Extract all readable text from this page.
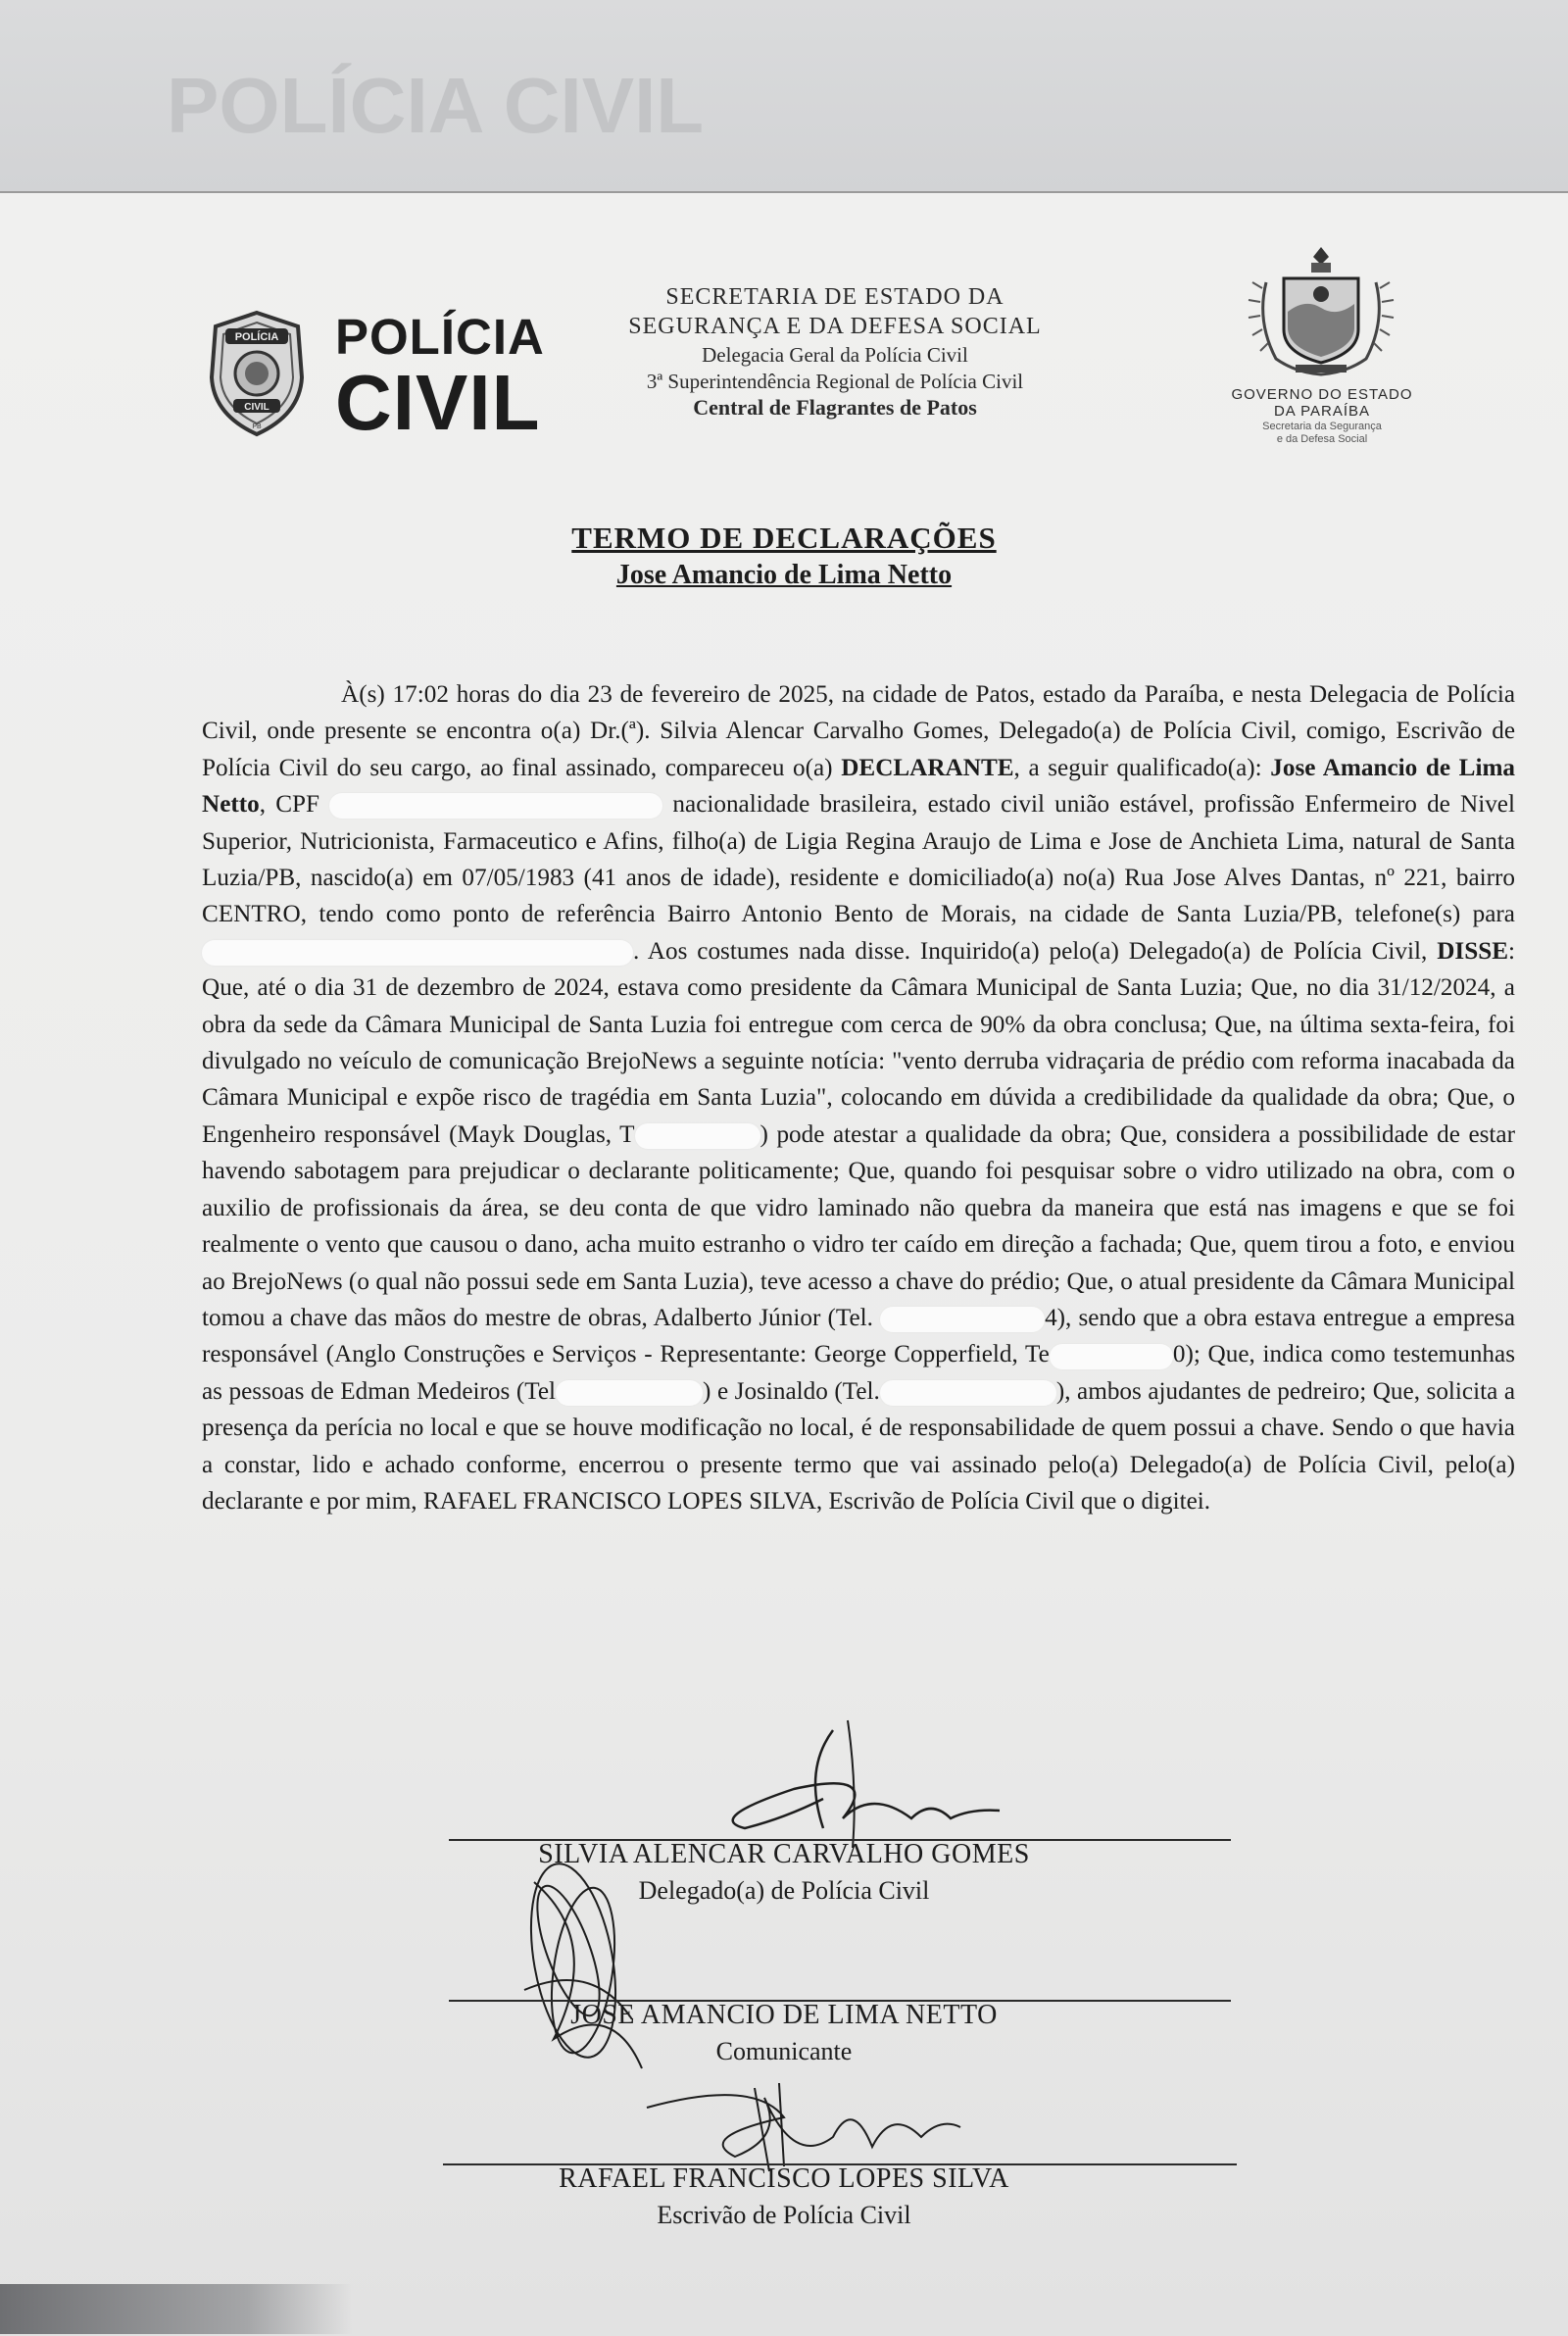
POLÍCIA CIVIL
POLÍCIA
CIVIL
PB
POLÍCIA
CIVIL
SECRETARIA DE ESTADO DA
SEGURANÇA E DA DEFESA SOCIAL
Delegacia Geral da Polícia Civil
3ª Superintendência Regional de Polícia Civil
Central de Flagrantes de Patos
GOVERNO DO ESTADO
DA PARAÍBA
Secretaria da Segurança
e da Defesa Social
TERMO DE DECLARAÇÕES
Jose Amancio de Lima Netto

À(s) 17:02 horas do dia 23 de fevereiro de 2025, na cidade de Patos, estado da Paraíba, e nesta Delegacia de Polícia Civil, onde presente se encontra o(a) Dr.(ª). Silvia Alencar Carvalho Gomes, Delegado(a) de Polícia Civil, comigo, Escrivão de Polícia Civil do seu cargo, ao final assinado, compareceu o(a) DECLARANTE, a seguir qualificado(a): Jose Amancio de Lima Netto, CPF	nacionalidade brasileira, estado civil união estável, profissão Enfermeiro de Nivel Superior, Nutricionista, Farmaceutico e Afins, filho(a) de Ligia Regina Araujo de Lima e Jose de Anchieta Lima, natural de Santa Luzia/PB, nascido(a) em 07/05/1983 (41 anos de idade), residente e domiciliado(a) no(a) Rua Jose Alves Dantas, nº 221, bairro CENTRO, tendo como ponto de referência Bairro Antonio Bento de Morais, na cidade de Santa Luzia/PB, telefone(s) para . Aos costumes nada disse. Inquirido(a) pelo(a) Delegado(a) de Polícia Civil, DISSE: Que, até o dia 31 de dezembro de 2024, estava como presidente da Câmara Municipal de Santa Luzia; Que, no dia 31/12/2024, a obra da sede da Câmara Municipal de Santa Luzia foi entregue com cerca de 90% da obra conclusa; Que, na última sexta-feira, foi divulgado no veículo de comunicação BrejoNews a seguinte notícia: "vento derruba vidraçaria de prédio com reforma inacabada da Câmara Municipal e expõe risco de tragédia em Santa Luzia", colocando em dúvida a credibilidade da qualidade da obra; Que, o Engenheiro responsável (Mayk Douglas, T	) pode atestar a qualidade da obra; Que, considera a possibilidade de estar havendo sabotagem para prejudicar o declarante politicamente; Que, quando foi pesquisar sobre o vidro utilizado na obra, com o auxilio de profissionais da área, se deu conta de que vidro laminado não quebra da maneira que está nas imagens e que se foi realmente o vento que causou o dano, acha muito estranho o vidro ter caído em direção a fachada; Que, quem tirou a foto, e enviou ao BrejoNews (o qual não possui sede em Santa Luzia), teve acesso a chave do prédio; Que, o atual presidente da Câmara Municipal tomou a chave das mãos do mestre de obras, Adalberto Júnior (Tel.	4), sendo que a obra estava entregue a empresa responsável (Anglo Construções e Serviços - Representante: George Copperfield, Te	0); Que, indica como testemunhas as pessoas de Edman Medeiros (Tel	) e Josinaldo (Tel.	), ambos ajudantes de pedreiro; Que, solicita a presença da perícia no local e que se houve modificação no local, é de responsabilidade de quem possui a chave. Sendo o que havia a constar, lido e achado conforme, encerrou o presente termo que vai assinado pelo(a) Delegado(a) de Polícia Civil, pelo(a) declarante e por mim, RAFAEL FRANCISCO LOPES SILVA, Escrivão de Polícia Civil que o digitei.

SILVIA ALENCAR CARVALHO GOMES
Delegado(a) de Polícia Civil
JOSE AMANCIO DE LIMA NETTO
Comunicante
RAFAEL FRANCISCO LOPES SILVA
Escrivão de Polícia Civil
